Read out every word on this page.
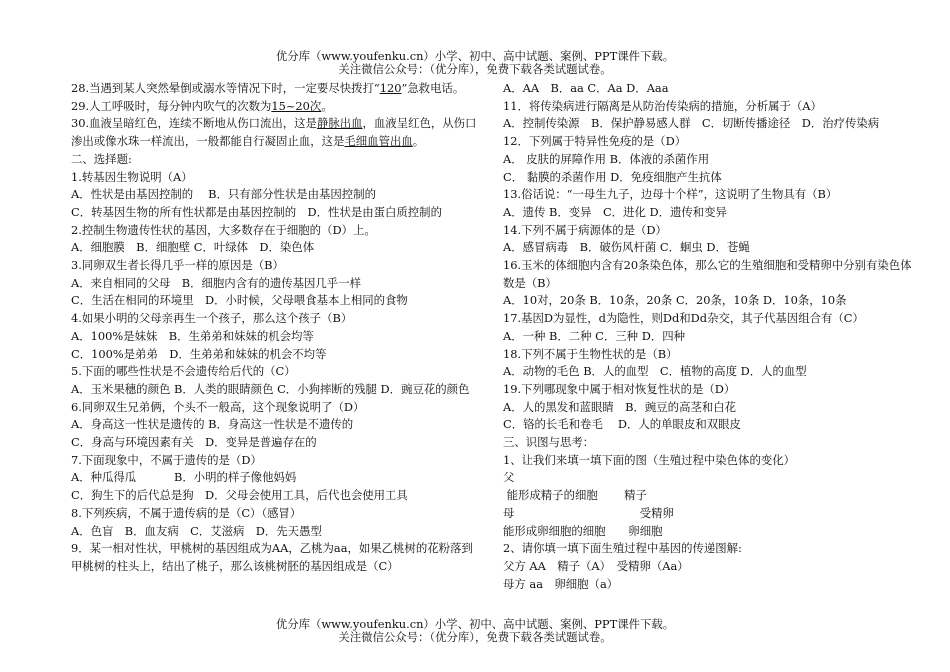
优分库（www.youfenku.cn）小学、初中、高中试题、案例、PPT课件下载。
关注微信公众号：（优分库），免费下载各类试题试卷。
28.当遇到某人突然晕倒或溺水等情况下时，一定要尽快拨打“120”急救电话。
29.人工呼吸时，每分钟内吹气的次数为15~20次。
30.血液呈暗红色，连续不断地从伤口流出，这是静脉出血，血液呈红色，从伤口渗出或像水珠一样流出，一般都能自行凝固止血，这是毛细血管出血。
二、选择题:
1.转基因生物说明（A）
A．性状是由基因控制的　 B．只有部分性状是由基因控制的
C．转基因生物的所有性状都是由基因控制的　D．性状是由蛋白质控制的
2.控制生物遗传性状的基因，大多数存在于细胞的（D）上。
A．细胞膜　B．细胞壁 C．叶绿体　D．染色体
3.同卵双生者长得几乎一样的原因是（B）
A．来自相同的父母　B．细胞内含有的遗传基因几乎一样
C．生活在相同的环境里　D．小时候，父母喂食基本上相同的食物
4.如果小明的父母亲再生一个孩子，那么这个孩子（B）
A．100%是妹妹　B．生弟弟和妹妹的机会均等
C．100%是弟弟　D．生弟弟和妹妹的机会不均等
5.下面的哪些性状是不会遗传给后代的（C）
A．玉米果穗的颜色 B．人类的眼睛颜色 C．小狗摔断的残腿 D．豌豆花的颜色
6.同卵双生兄弟俩，个头不一般高，这个现象说明了（D）
A．身高这一性状是遗传的 B．身高这一性状是不遗传的
C．身高与环境因素有关　D．变异是普遍存在的
7.下面现象中，不属于遗传的是（D）
A．种瓜得瓜　　　 B．小明的样子像他妈妈
C．狗生下的后代总是狗　D．父母会使用工具，后代也会使用工具
8.下列疾病，不属于遗传病的是（C）（感冒）
A．色盲　B．血友病　C．艾滋病　D．先天愚型
9．某一相对性状，甲桃树的基因组成为AA，乙桃为aa，如果乙桃树的花粉落到甲桃树的柱头上，结出了桃子，那么该桃树胚的基因组成是（C）
A．AA　B．aa C．Aa D．Aaa
11．将传染病进行隔离是从防治传染病的措施，分析属于（A）
A．控制传染源　B．保护静易感人群　C．切断传播途径　D．治疗传染病
12．下列属于特异性免疫的是（D）
A． 皮肤的屏障作用 B．体液的杀菌作用
C． 黏膜的杀菌作用 D．免疫细胞产生抗体
13.俗话说：“一母生九子，边母十个样”，这说明了生物具有（B）
A．遗传 B．变异　C．进化 D．遗传和变异
14.下列不属于病源体的是（D）
A．感冒病毒　B．破伤风杆菌 C．蛔虫 D．苍蝇
16.玉米的体细胞内含有20条染色体，那么它的生殖细胞和受精卵中分别有染色体数是（B）
A．10对，20条 B．10条，20条 C．20条，10条 D．10条，10条
17.基因D为显性，d为隐性，则Dd和Dd杂交，其子代基因组合有（C）
A．一种 B．二种 C．三种 D．四种
18.下列不属于生物性状的是（B）
A．动物的毛色 B．人的血型　C．植物的高度 D．人的血型
19.下列哪现象中属于相对恢复性状的是（D）
A．人的黑发和蓝眼睛　B．豌豆的高茎和白花
C．铬的长毛和卷毛　 D．人的单眼皮和双眼皮
三、识图与思考：
1、让我们来填一填下面的图（生殖过程中染色体的变化）
父
能形成精子的细胞　　 精子
母　　　　　　　　　　　受精卵
能形成卵细胞的细胞　　卵细胞
2、请你填一填下面生殖过程中基因的传递图解:
父方 AA　精子（A）　受精卵（Aa）
母方 aa　卵细胞（a）
优分库（www.youfenku.cn）小学、初中、高中试题、案例、PPT课件下载。
关注微信公众号：（优分库），免费下载各类试题试卷。
